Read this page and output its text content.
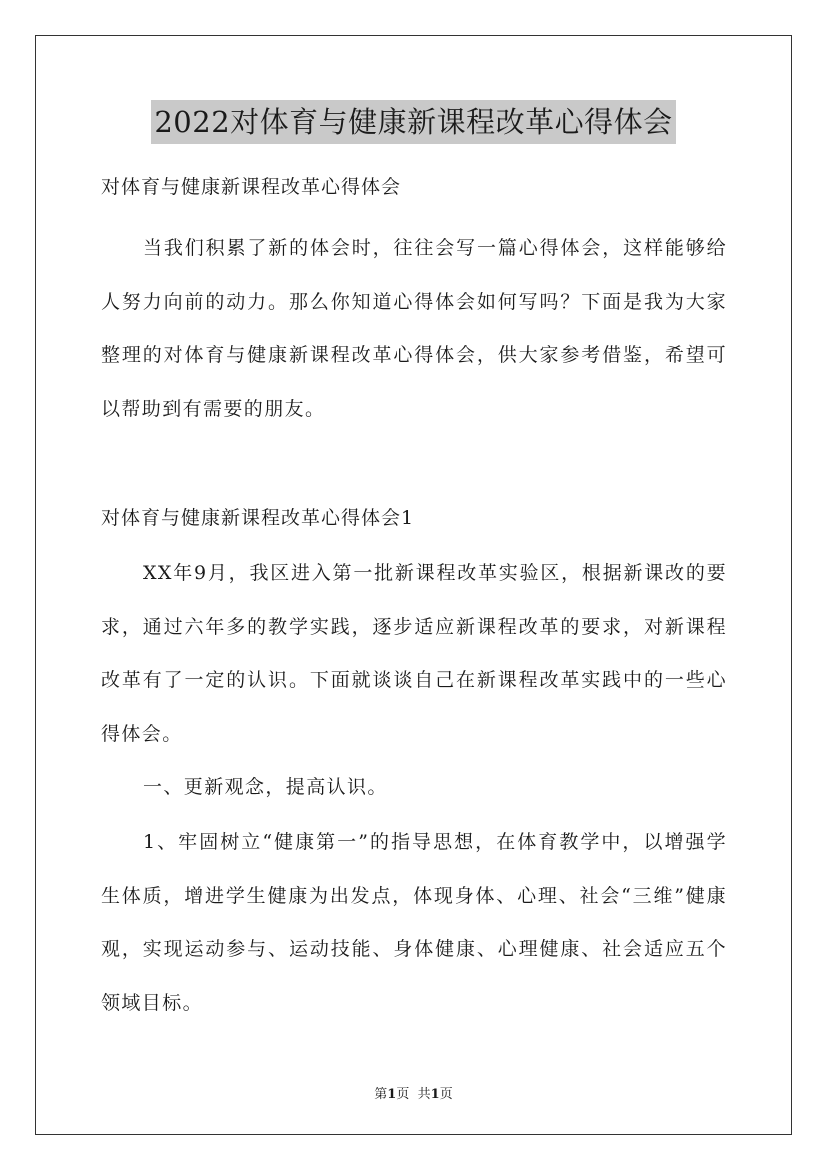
2022对体育与健康新课程改革心得体会

对体育与健康新课程改革心得体会

当我们积累了新的体会时，往往会写一篇心得体会，这样能够给人努力向前的动力。那么你知道心得体会如何写吗？下面是我为大家整理的对体育与健康新课程改革心得体会，供大家参考借鉴，希望可以帮助到有需要的朋友。

对体育与健康新课程改革心得体会1

XX年9月，我区进入第一批新课程改革实验区，根据新课改的要求，通过六年多的教学实践，逐步适应新课程改革的要求，对新课程改革有了一定的认识。下面就谈谈自己在新课程改革实践中的一些心得体会。

一、更新观念，提高认识。

1、牢固树立“健康第一”的指导思想，在体育教学中，以增强学生体质，增进学生健康为出发点，体现身体、心理、社会“三维”健康观，实现运动参与、运动技能、身体健康、心理健康、社会适应五个领域目标。

第1页 共1页
